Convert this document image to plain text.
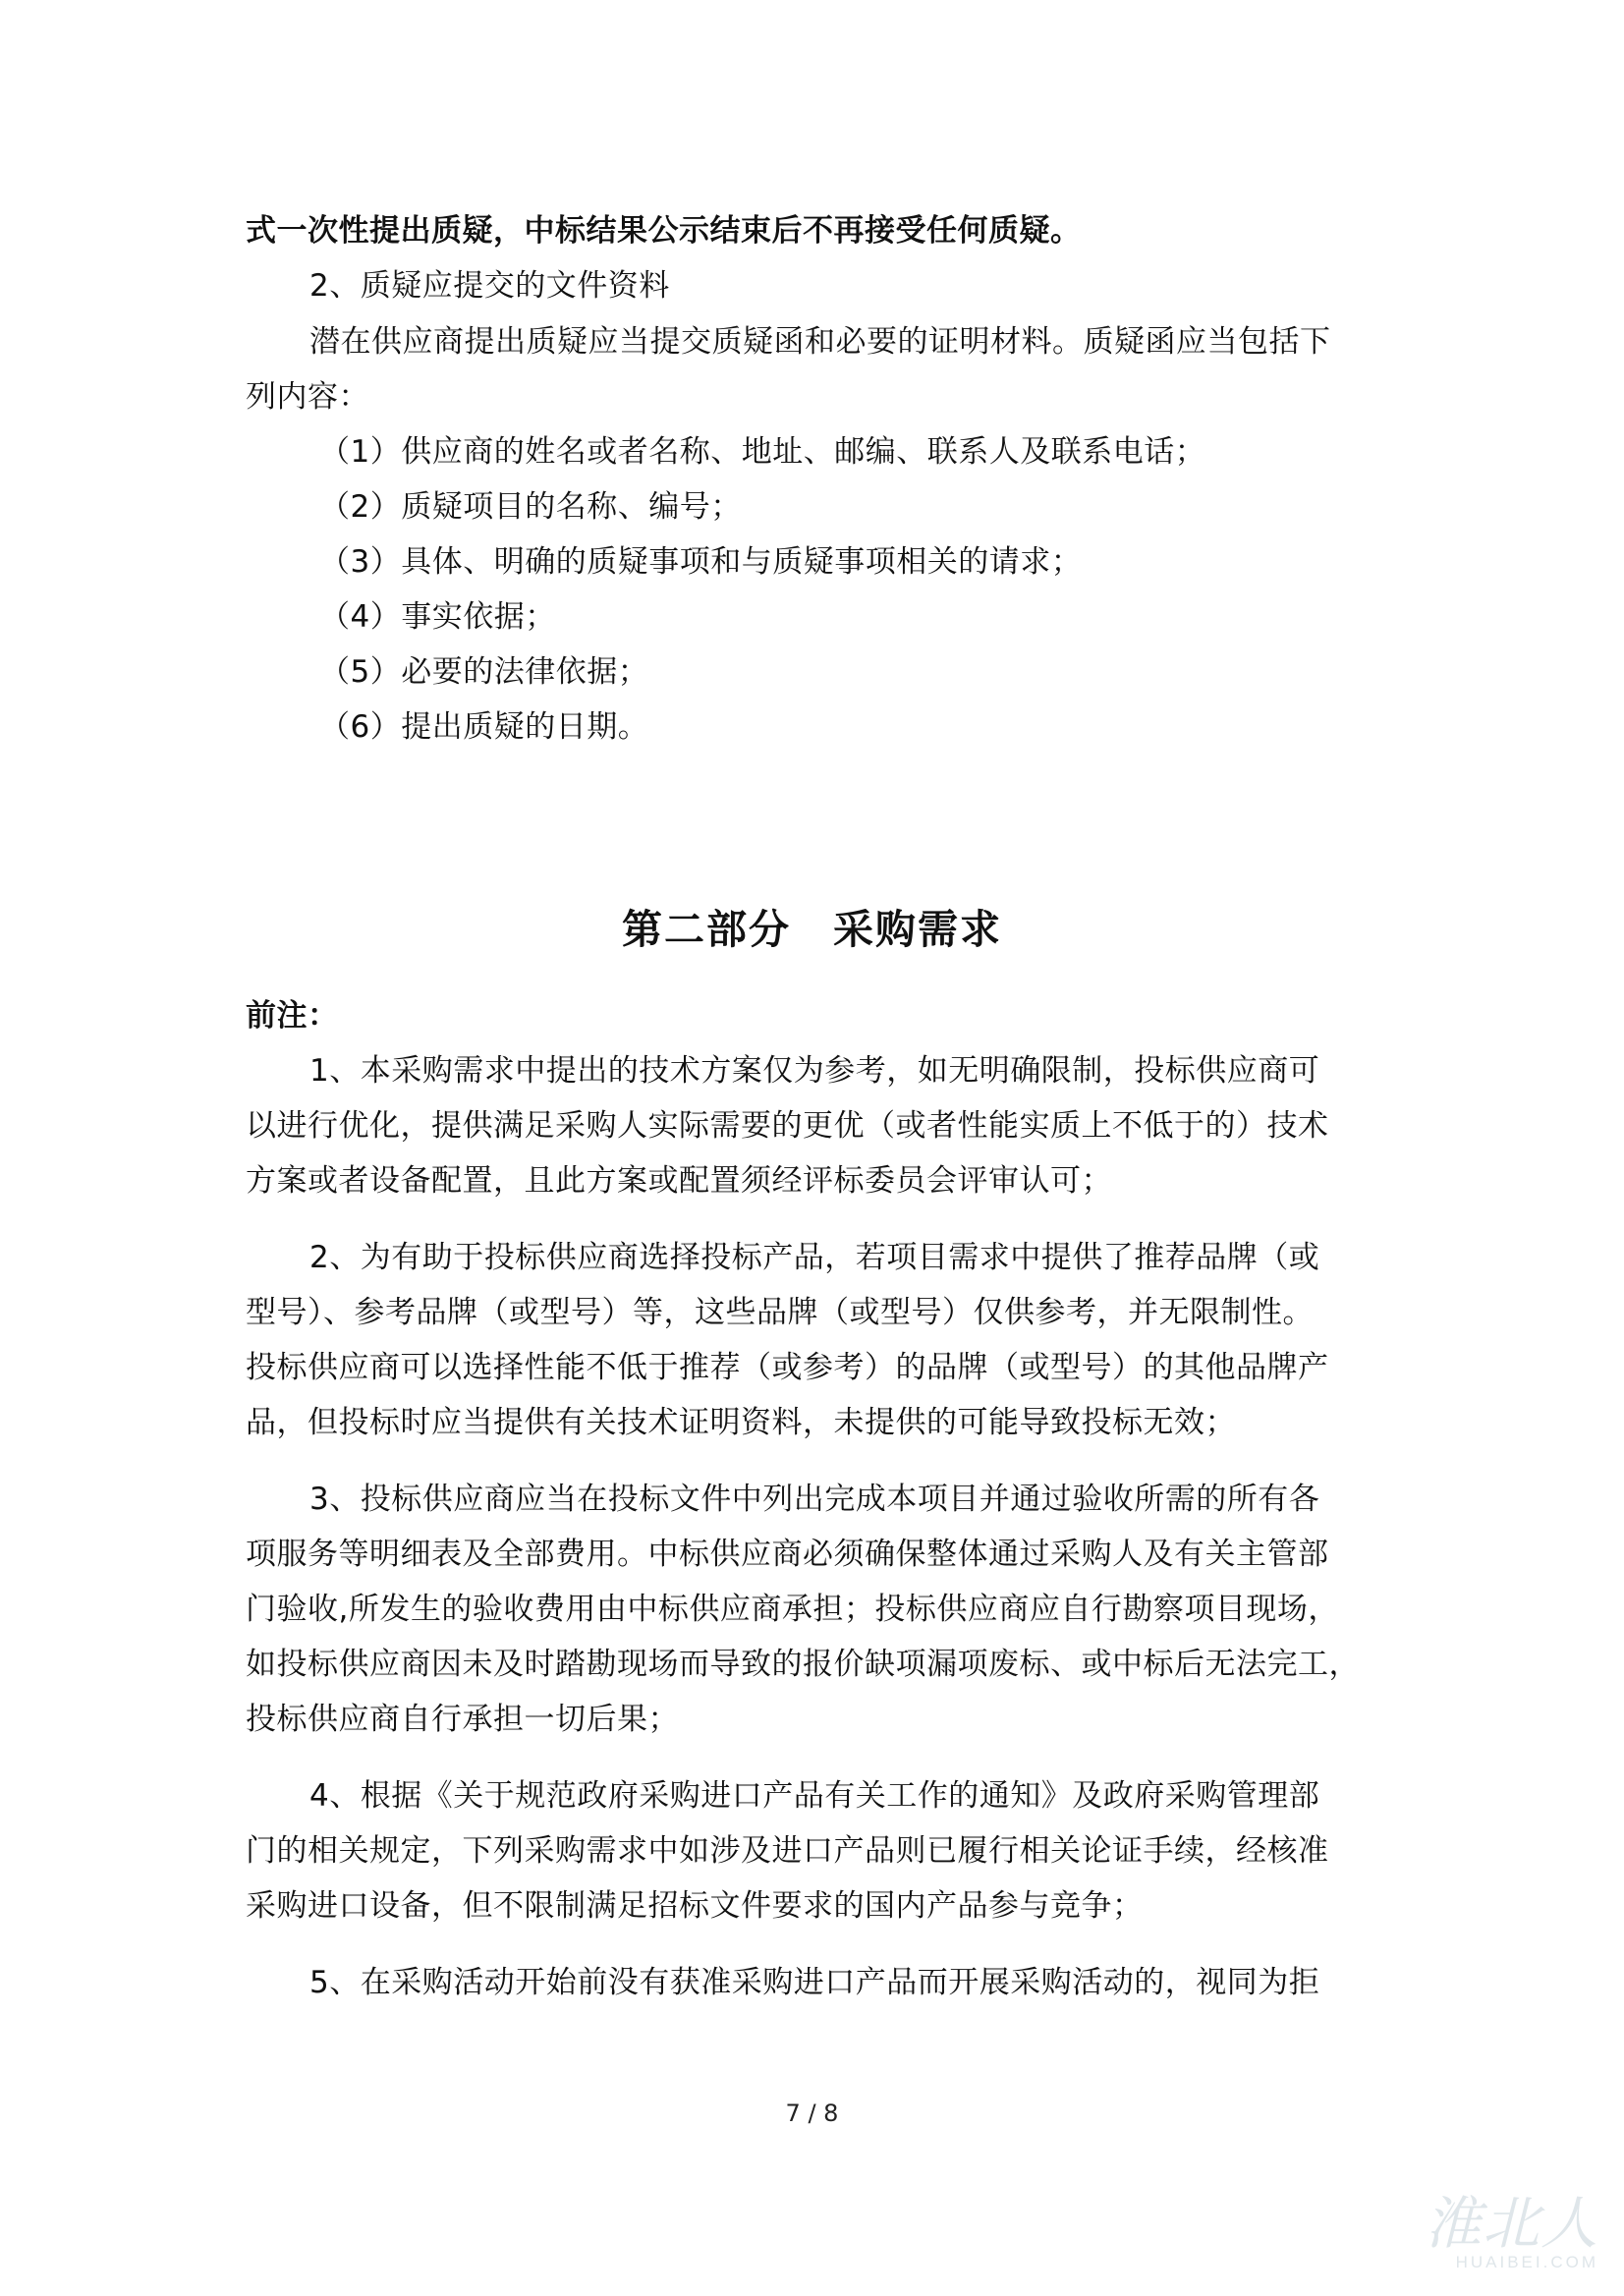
式一次性提出质疑，中标结果公示结束后不再接受任何质疑。
2、质疑应提交的文件资料
潜在供应商提出质疑应当提交质疑函和必要的证明材料。质疑函应当包括下
列内容：
（1）供应商的姓名或者名称、地址、邮编、联系人及联系电话；
（2）质疑项目的名称、编号；
（3）具体、明确的质疑事项和与质疑事项相关的请求；
（4）事实依据；
（5）必要的法律依据；
（6）提出质疑的日期。
第二部分　采购需求
前注：
1、本采购需求中提出的技术方案仅为参考，如无明确限制，投标供应商可
以进行优化，提供满足采购人实际需要的更优（或者性能实质上不低于的）技术
方案或者设备配置，且此方案或配置须经评标委员会评审认可；
2、为有助于投标供应商选择投标产品，若项目需求中提供了推荐品牌（或
型号）、参考品牌（或型号）等，这些品牌（或型号）仅供参考，并无限制性。
投标供应商可以选择性能不低于推荐（或参考）的品牌（或型号）的其他品牌产
品，但投标时应当提供有关技术证明资料，未提供的可能导致投标无效；
3、投标供应商应当在投标文件中列出完成本项目并通过验收所需的所有各
项服务等明细表及全部费用。中标供应商必须确保整体通过采购人及有关主管部
门验收,所发生的验收费用由中标供应商承担；投标供应商应自行勘察项目现场，
如投标供应商因未及时踏勘现场而导致的报价缺项漏项废标、或中标后无法完工，
投标供应商自行承担一切后果；
4、根据《关于规范政府采购进口产品有关工作的通知》及政府采购管理部
门的相关规定，下列采购需求中如涉及进口产品则已履行相关论证手续，经核准
采购进口设备，但不限制满足招标文件要求的国内产品参与竞争；
5、在采购活动开始前没有获准采购进口产品而开展采购活动的，视同为拒
7 / 8
淮北人
HUAIBEI.COM
